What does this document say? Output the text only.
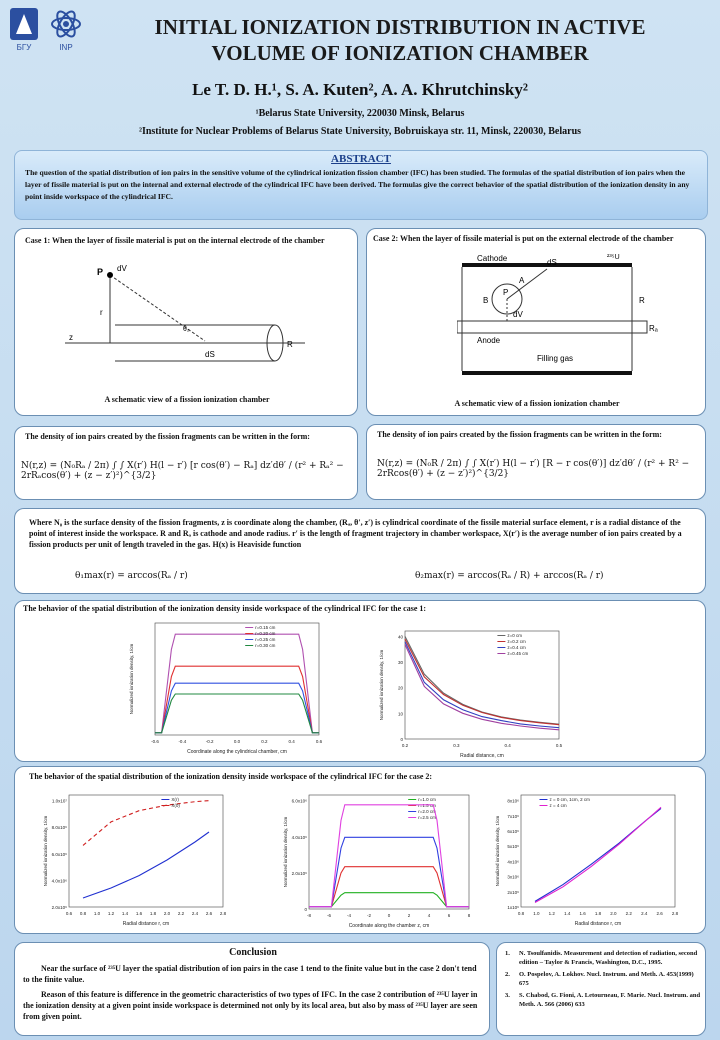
БГУ	INP
INITIAL IONIZATION DISTRIBUTION IN ACTIVE
VOLUME OF IONIZATION CHAMBER
Le T. D. H.¹, S. A. Kuten², A. A. Khrutchinsky²
¹Belarus State University, 220030 Minsk, Belarus
²Institute for Nuclear Problems of Belarus State University, Bobruiskaya str. 11, Minsk, 220030, Belarus
ABSTRACT

The question of the spatial distribution of ion pairs in the sensitive volume of the cylindrical ionization fission chamber (IFC) has been studied. The formulas of the spatial distribution of ion pairs when the layer of fissile material is put on the internal and external electrode of the cylindrical IFC have been derived. The formulas give the correct behavior of the spatial distribution of the ionization density in any point inside workspace of the cylindrical IFC.

Case 1: When the layer of fissile material is put on the internal electrode of the chamber
P dV
r
z
dS
R
θ₂
A schematic view of a fission ionization chamber
Case 2: When the layer of fissile material is put on the external electrode of the chamber
Cathode
Anode
Filling gas
²³⁵U
dS
dV
R
Rₐ
A
B
P
A schematic view of a fission ionization chamber
The density of ion pairs created by the fission fragments can be written in the form:
N(r,z) = (N₀Rₐ / 2π) ∫ ∫ X(r′) H(l − r′) [r cos(θ′) − Rₐ] dz′dθ′ / (r² + Rₐ² − 2rRₐcos(θ′) + (z − z′)²)^{3/2}
The density of ion pairs created by the fission fragments can be written in the form:
N(r,z) = (N₀R / 2π) ∫ ∫ X(r′) H(l − r′) [R − r cos(θ′)] dz′dθ′ / (r² + R² − 2rRcos(θ′) + (z − z′)²)^{3/2}
Where N₀ is the surface density of the fission fragments, z is coordinate along the chamber, (Rₐ, θ′, z′) is cylindrical coordinate of the fissile material surface element, r is a radial distance of the point of interest inside the workspace. R and Rₐ is cathode and anode radius. r′ is the length of fragment trajectory in chamber workspace, X(r′) is the average number of ion pairs created by a fission products per unit of length traveled in the gas. H(x) is Heaviside function
θ₁max(r) = arccos(Rₐ / r)	θ₂max(r) = arccos(Rₐ / R) + arccos(Rₐ / r)
The behavior of the spatial distribution of the ionization density inside workspace of the cylindrical IFC for the case 1:
-0.6	-0.4	-0.2	0.0	0.2	0.4	0.6
Coordinate along the cylindrical chamber, cm
Normalized ionization density, 1/cm
r=0.15 cm
r=0.20 cm
r=0.25 cm
r=0.30 cm
0.2	0.3	0.4	0.5
0
10
20
30
40
Radial distance, cm
Normalized ionization density, 1/cm
z=0 cm
z=0.2 cm
z=0.4 cm
z=0.45 cm
The behavior of the spatial distribution of the ionization density inside workspace of the cylindrical IFC for the case 2:
0.6 0.8 1.0 1.2 1.4 1.6 1.8 2.0 2.2 2.4 2.6 2.8
2.0x10⁶
4.0x10⁶
6.0x10⁶
8.0x10⁶
1.0x10⁷
Radial distance r, cm
Normalized ionization density, 1/cm
X(r)
X(0)
-8	-6	-4	-2	0	2	4	6	8
0
2.0x10⁶
4.0x10⁶
6.0x10⁶
Coordinate along the chamber z, cm
Normalized ionization density, 1/cm
r=1.0 cm
r=1.5 cm
r=2.0 cm
r=2.5 cm
0.8 1.0 1.2 1.4 1.6 1.8 2.0 2.2 2.4 2.6 2.8
1x10⁶
2x10⁶
3x10⁶
4x10⁶
5x10⁶
6x10⁶
7x10⁶
8x10⁶
Radial distance r, cm
Normalized ionization density, 1/cm
z = 0 cm, 1cm, 2 cm
z = 4 cm
Conclusion
Near the surface of ²³⁵U layer the spatial distribution of ion pairs in the case 1 tend to the finite value but in the case 2 don't tend to the finite value.
Reason of this feature is difference in the geometric characteristics of two types of IFC. In the case 2 contribution of ²³⁵U layer in the ionization density at a given point inside workspace is determined not only by its local area, but also by mass of ²³⁵U layer are seen from given point.
1.	N. Tsoulfanidis. Measurement and detection of radiation, second edition – Taylor & Francis, Washington, D.C., 1995.
2.	O. Pospelov, A. Lokhov. Nucl. Instrum. and Meth. A. 453(1999) 675
3.	S. Chabod, G. Fioni, A. Letourneau, F. Marie. Nucl. Instrum. and Meth. A. 566 (2006) 633
